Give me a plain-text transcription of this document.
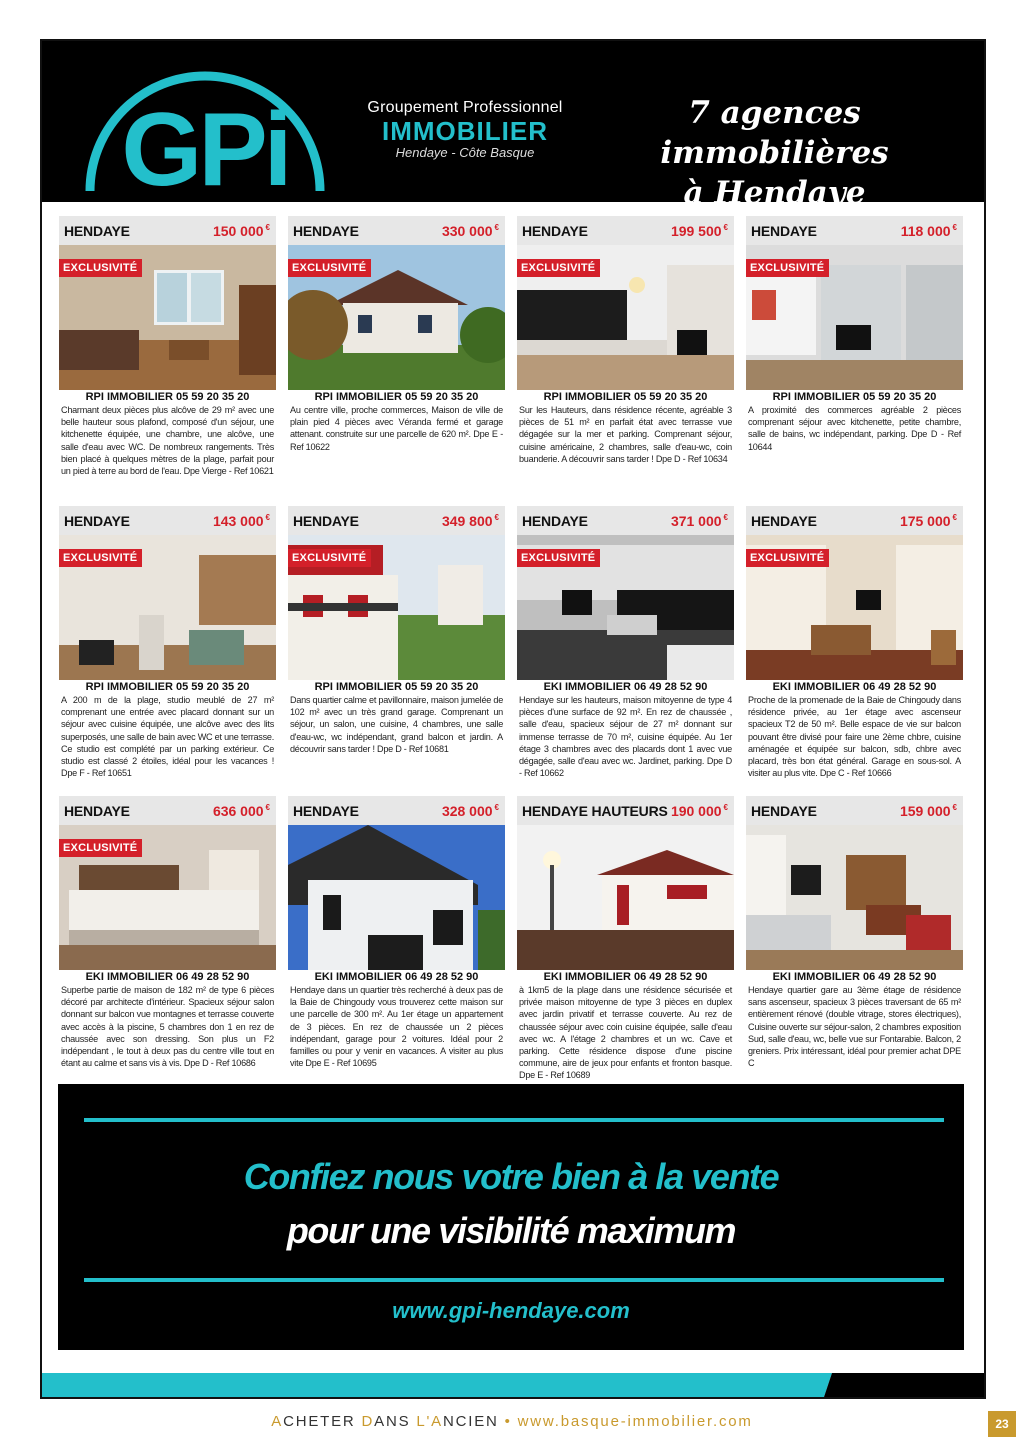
GPi	Groupement Professionnel
IMMOBILIER
Hendaye - Côte Basque
7 agences immobilières
à Hendaye
HENDAYE	150 000 €
EXCLUSIVITÉ
RPI IMMOBILIER 05 59 20 35 20
Charmant deux pièces plus alcôve de 29 m² avec une belle hauteur sous plafond, composé d'un séjour, une kitchenette équipée, une chambre, une alcôve, une salle d'eau avec WC. De nombreux rangements. Très bien placé à quelques mètres de la plage, parfait pour un pied à terre au bord de l'eau. Dpe Vierge - Ref 10621
HENDAYE	330 000 €
EXCLUSIVITÉ
RPI IMMOBILIER 05 59 20 35 20
Au centre ville, proche commerces, Maison de ville de plain pied 4 pièces avec Véranda fermé et garage attenant. construite sur une parcelle de 620 m². Dpe E - Ref 10622
HENDAYE	199 500 €
EXCLUSIVITÉ
RPI IMMOBILIER 05 59 20 35 20
Sur les Hauteurs, dans résidence récente, agréable 3 pièces de 51 m² en parfait état avec terrasse vue dégagée sur la mer et parking. Comprenant séjour, cuisine américaine, 2 chambres, salle d'eau-wc, coin buanderie. A découvrir sans tarder ! Dpe D - Ref 10634
HENDAYE	118 000 €
EXCLUSIVITÉ
RPI IMMOBILIER 05 59 20 35 20
A proximité des commerces agréable 2 pièces comprenant séjour avec kitchenette, petite chambre, salle de bains, wc indépendant, parking. Dpe D - Ref 10644
HENDAYE	143 000 €
EXCLUSIVITÉ
RPI IMMOBILIER 05 59 20 35 20
A 200 m de la plage, studio meublé de 27 m² comprenant une entrée avec placard donnant sur un séjour avec cuisine équipée, une alcôve avec des lits superposés, une salle de bain avec WC et une terrasse. Ce studio est complété par un parking extérieur. Ce studio est classé 2 étoiles, idéal pour les vacances ! Dpe F - Ref 10651
HENDAYE	349 800 €
EXCLUSIVITÉ
RPI IMMOBILIER 05 59 20 35 20
Dans quartier calme et pavillonnaire, maison jumelée de 102 m² avec un très grand garage. Comprenant un séjour, un salon, une cuisine, 4 chambres, une salle d'eau-wc, wc indépendant, grand balcon et jardin. A découvrir sans tarder ! Dpe D - Ref 10681
HENDAYE	371 000 €
EXCLUSIVITÉ
EKI IMMOBILIER 06 49 28 52 90
Hendaye sur les hauteurs, maison mitoyenne de type 4 pièces d'une surface de 92 m². En rez de chaussée , salle d'eau, spacieux séjour de 27 m² donnant sur immense terrasse de 70 m², cuisine équipée. Au 1er étage 3 chambres avec des placards dont 1 avec vue dégagée, salle d'eau avec wc. Jardinet, parking. Dpe D - Ref 10662
HENDAYE	175 000 €
EXCLUSIVITÉ
EKI IMMOBILIER 06 49 28 52 90
Proche de la promenade de la Baie de Chingoudy dans résidence privée, au 1er étage avec ascenseur spacieux T2 de 50 m². Belle espace de vie sur balcon pouvant être divisé pour faire une 2ème chbre, cuisine aménagée et équipée sur balcon, sdb, chbre avec placard, très bon état général. Garage en sous-sol. A visiter au plus vite. Dpe C - Ref 10666
HENDAYE	636 000 €
EXCLUSIVITÉ
EKI IMMOBILIER 06 49 28 52 90
Superbe partie de maison de 182 m² de type 6 pièces décoré par architecte d'intérieur. Spacieux séjour salon donnant sur balcon vue montagnes et terrasse couverte avec accès à la piscine, 5 chambres don 1 en rez de chaussée avec son dressing. Son plus un F2 indépendant , le tout à deux pas du centre ville tout en étant au calme et sans vis à vis. Dpe D - Ref 10686
HENDAYE	328 000 €
EKI IMMOBILIER 06 49 28 52 90
Hendaye dans un quartier très recherché à deux pas de la Baie de Chingoudy vous trouverez cette maison sur une parcelle de 300 m². Au 1er étage un appartement de 3 pièces. En rez de chaussée un 2 pièces indépendant, garage pour 2 voitures. Idéal pour 2 familles ou pour y venir en vacances. A visiter au plus vite Dpe E - Ref 10695
HENDAYE HAUTEURS 190 000 €
EKI IMMOBILIER 06 49 28 52 90
à 1km5 de la plage dans une résidence sécurisée et privée maison mitoyenne de type 3 pièces en duplex avec jardin privatif et terrasse couverte. Au rez de chaussée séjour avec coin cuisine équipée, salle d'eau avec wc. A l'étage 2 chambres et un wc. Cave et parking. Cette résidence dispose d'une piscine commune, aire de jeux pour enfants et fronton basque. Dpe E - Ref 10689
HENDAYE	159 000 €
EKI IMMOBILIER 06 49 28 52 90
Hendaye quartier gare au 3ème étage de résidence sans ascenseur, spacieux 3 pièces traversant de 65 m² entièrement rénové (double vitrage, stores électriques), Cuisine ouverte sur séjour-salon, 2 chambres exposition Sud, salle d'eau, wc, belle vue sur Fontarabie. Balcon, 2 greniers. Prix intéressant, idéal pour premier achat DPE C
Confiez nous votre bien à la vente
pour une visibilité maximum
www.gpi-hendaye.com
ACHETER DANS L'ANCIEN • www.basque-immobilier.com	23
